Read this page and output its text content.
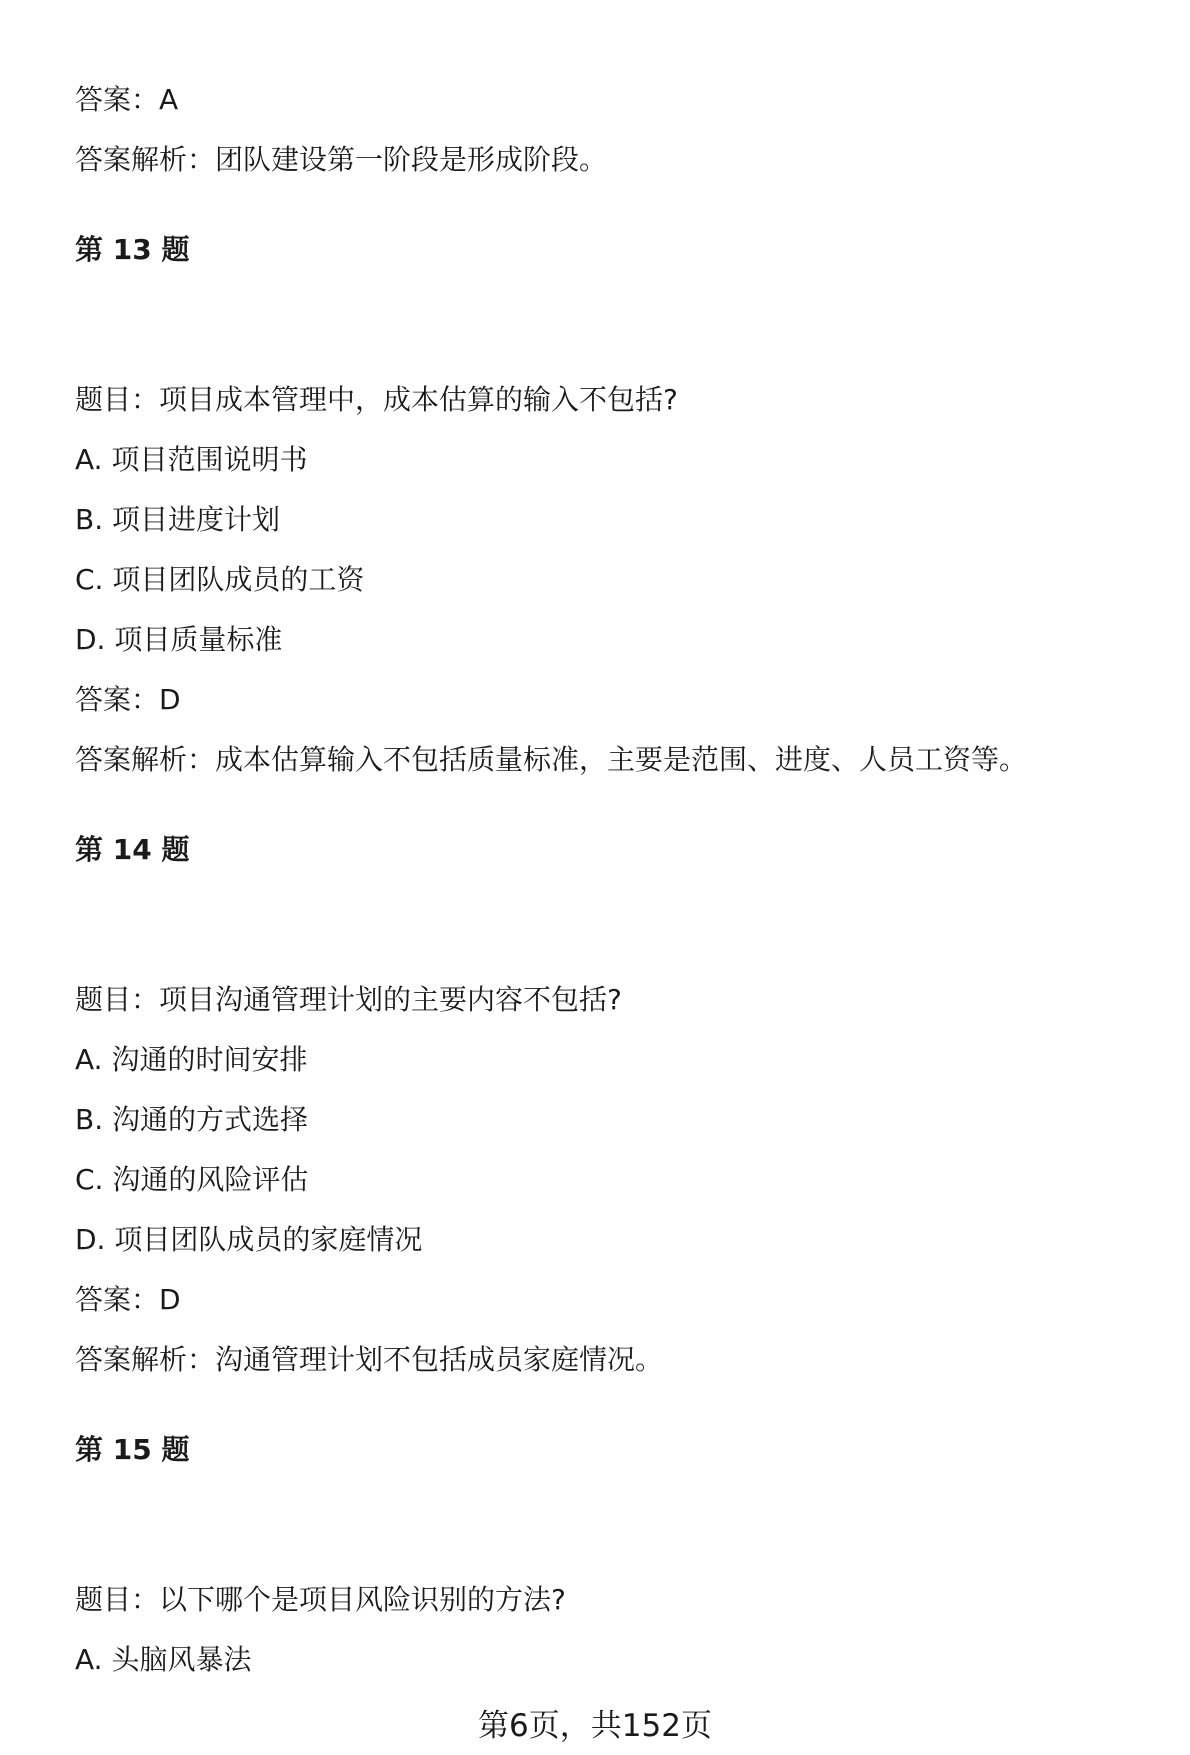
答案：A
答案解析：团队建设第一阶段是形成阶段。
第 13 题
题目：项目成本管理中，成本估算的输入不包括?
A. 项目范围说明书
B. 项目进度计划
C. 项目团队成员的工资
D. 项目质量标准
答案：D
答案解析：成本估算输入不包括质量标准，主要是范围、进度、人员工资等。
第 14 题
题目：项目沟通管理计划的主要内容不包括?
A. 沟通的时间安排
B. 沟通的方式选择
C. 沟通的风险评估
D. 项目团队成员的家庭情况
答案：D
答案解析：沟通管理计划不包括成员家庭情况。
第 15 题
题目：以下哪个是项目风险识别的方法?
A. 头脑风暴法
第6页，共152页
